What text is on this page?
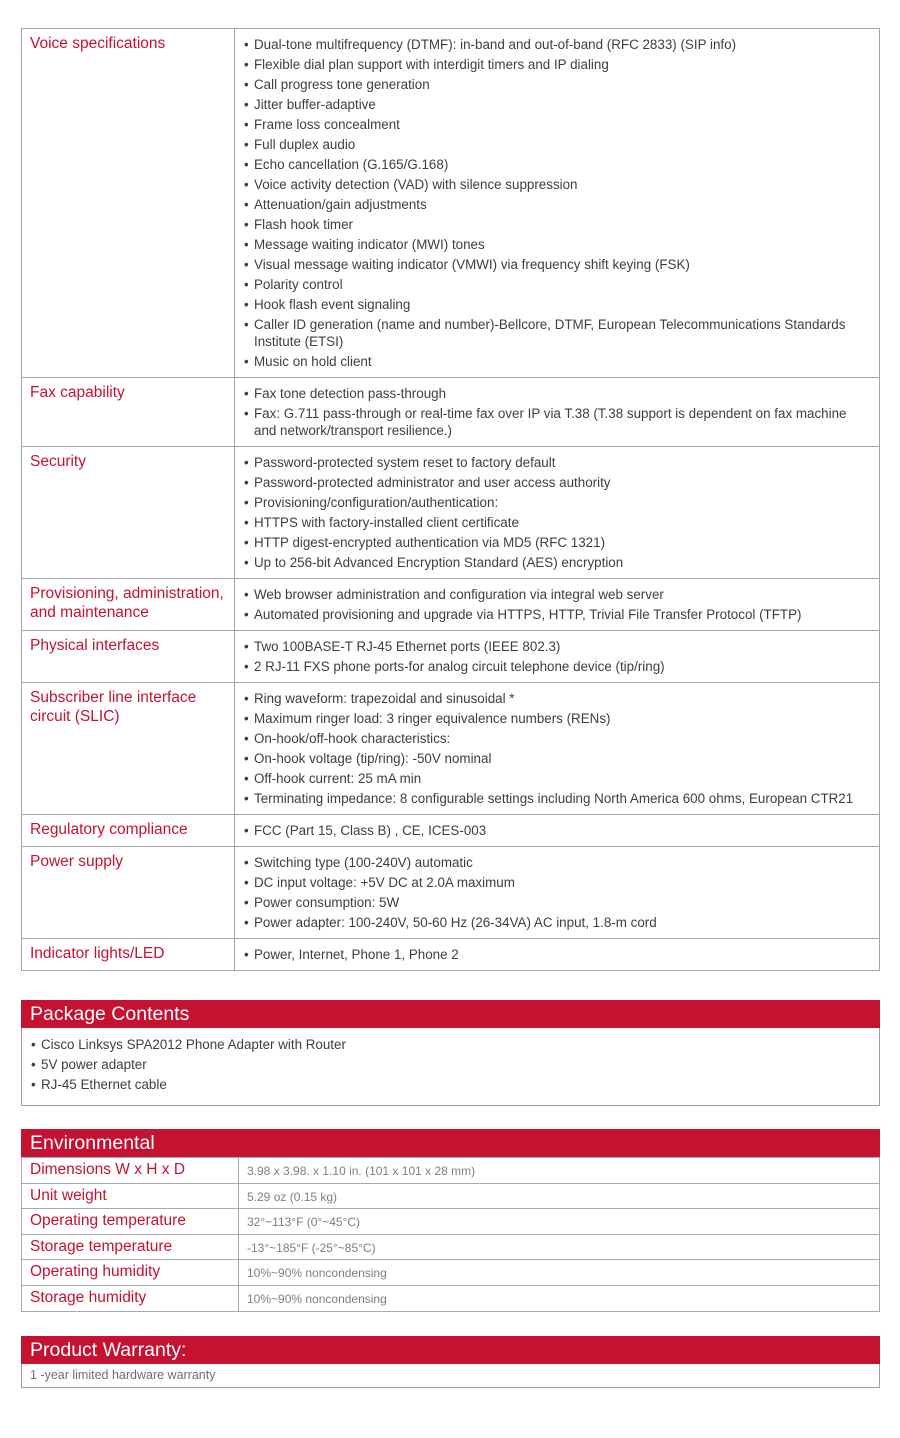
Voice specifications	
•Dual-tone multifrequency (DTMF): in-band and out-of-band (RFC 2833) (SIP info)
• Flexible dial plan support with interdigit timers and IP dialing
• Call progress tone generation
• Jitter buffer-adaptive
• Frame loss concealment
• Full duplex audio
• Echo cancellation (G.165/G.168)
• Voice activity detection (VAD) with silence suppression
• Attenuation/gain adjustments
• Flash hook timer
• Message waiting indicator (MWI) tones
• Visual message waiting indicator (VMWI) via frequency shift keying (FSK)
• Polarity control
• Hook flash event signaling
• Caller ID generation (name and number)-Bellcore, DTMF, European Telecommunications Standards Institute (ETSI)
• Music on hold client

Fax capability	
•Fax tone detection pass-through
• Fax: G.711 pass-through or real-time fax over IP via T.38 (T.38 support is dependent on fax machine and network/transport resilience.)

Security	
•Password-protected system reset to factory default
• Password-protected administrator and user access authority
• Provisioning/configuration/authentication:
• HTTPS with factory-installed client certificate
• HTTP digest-encrypted authentication via MD5 (RFC 1321)
• Up to 256-bit Advanced Encryption Standard (AES) encryption

Provisioning, administration, and maintenance	
• Web browser administration and configuration via integral web server
• Automated provisioning and upgrade via HTTPS, HTTP, Trivial File Transfer Protocol (TFTP)

Physical interfaces	
•Two 100BASE-T RJ-45 Ethernet ports (IEEE 802.3)
• 2 RJ-11 FXS phone ports-for analog circuit telephone device (tip/ring)

Subscriber line interface circuit (SLIC)	
• Ring waveform: trapezoidal and sinusoidal *
• Maximum ringer load: 3 ringer equivalence numbers (RENs)
• On-hook/off-hook characteristics:
• On-hook voltage (tip/ring): -50V nominal
• Off-hook current: 25 mA min
• Terminating impedance: 8 configurable settings including North America 600 ohms, European CTR21

Regulatory compliance	
•FCC (Part 15, Class B) , CE, ICES-003

Power supply	
•Switching type (100-240V) automatic
• DC input voltage: +5V DC at 2.0A maximum
• Power consumption: 5W
• Power adapter: 100-240V, 50-60 Hz (26-34VA) AC input, 1.8-m cord

Indicator lights/LED	
•Power, Internet, Phone 1, Phone 2
Package Contents
• Cisco Linksys SPA2012 Phone Adapter with Router
• 5V power adapter
• RJ-45 Ethernet cable
Environmental
Dimensions W x H x D	3.98 x 3.98. x 1.10 in. (101 x 101 x 28 mm)
Unit weight	5.29 oz (0.15 kg)
Operating temperature	32°~113°F (0°~45°C)
Storage temperature	-13°~185°F (-25°~85°C)
Operating humidity	10%~90% noncondensing
Storage humidity	10%~90% noncondensing
Product Warranty:
1 -year limited hardware warranty
